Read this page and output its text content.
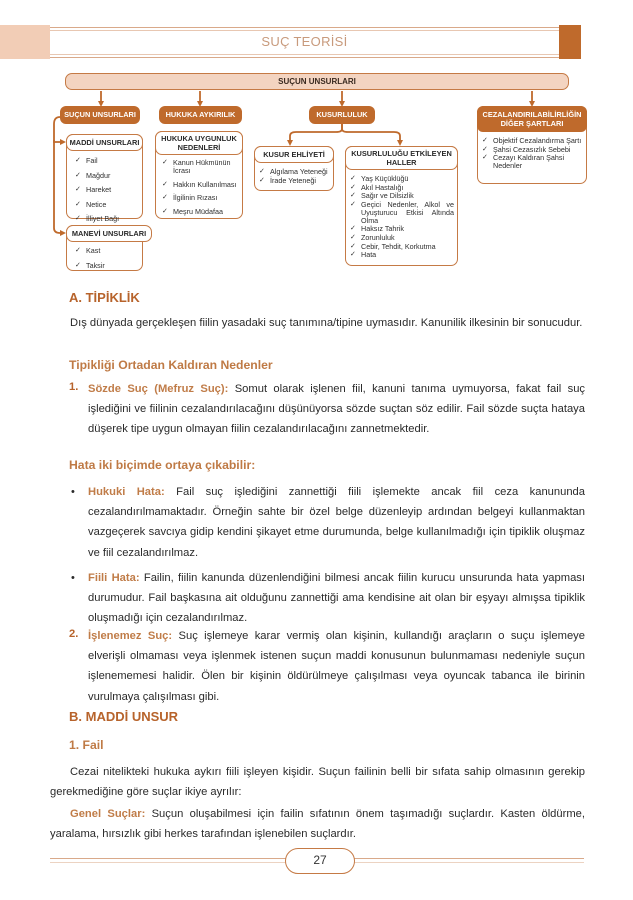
SUÇ TEORİSİ
SUÇUN UNSURLARI
SUÇUN UNSURLARI
MADDİ UNSURLARI
✓ Fail
✓ Mağdur
✓ Hareket
✓ Netice
✓ İlliyet Bağı
MANEVİ UNSURLARI
✓ Kast
✓ Taksir
HUKUKA AYKIRILIK
HUKUKA UYGUNLUK NEDENLERİ
✓ Kanun Hükmünün İcrası
✓ Hakkın Kullanılması
✓ İlgilinin Rızası
✓ Meşru Müdafaa
KUSURLULUK
KUSUR EHLİYETİ
✓ Algılama Yeteneği
✓ İrade Yeteneği
KUSURLULUĞU ETKİLEYEN HALLER
✓ Yaş Küçüklüğü
✓ Akıl Hastalığı
✓ Sağır ve Dilsizlik
✓ Geçici Nedenler, Alkol ve Uyuşturucu Etkisi Altında Olma
✓ Haksız Tahrik
✓ Zorunluluk
✓ Cebir, Tehdit, Korkutma
✓ Hata
CEZALANDIRILABİLİRLİĞİN DİĞER ŞARTLARI
✓ Objektif Cezalandırma Şartı
✓ Şahsi Cezasızlık Sebebi
✓ Cezayı Kaldıran Şahsi Nedenler
A. TİPİKLİK
Dış dünyada gerçekleşen fiilin yasadaki suç tanımına/tipine uymasıdır. Kanunilik ilkesinin bir sonucudur.
Tipikliği Ortadan Kaldıran Nedenler
1. Sözde Suç (Mefruz Suç): Somut olarak işlenen fiil, kanuni tanıma uymuyorsa, fakat fail suç işlediğini ve fiilinin cezalandırılacağını düşünüyorsa sözde suçtan söz edilir. Fail sözde suçta hataya düşerek tipe uygun olmayan fiilin cezalandırılacağını zannetmektedir.
Hata iki biçimde ortaya çıkabilir:
• Hukuki Hata: Fail suç işlediğini zannettiği fiili işlemekte ancak fiil ceza kanununda cezalandırılmamaktadır. Örneğin sahte bir özel belge düzenleyip ardından belgeyi kullanmaktan vazgeçerek savcıya gidip kendini şikayet etme durumunda, belge kullanılmadığı için tipiklik oluşmaz ve fiil cezalandırılmaz.
• Fiili Hata: Failin, fiilin kanunda düzenlendiğini bilmesi ancak fiilin kurucu unsurunda hata yapması durumudur. Fail başkasına ait olduğunu zannettiği ama kendisine ait olan bir eşyayı almışsa tipiklik oluşmadığı için cezalandırılmaz.
2. İşlenemez Suç: Suç işlemeye karar vermiş olan kişinin, kullandığı araçların o suçu işlemeye elverişli olmaması veya işlenmek istenen suçun maddi konusunun bulunmaması nedeniyle suçun işlenememesi halidir. Ölen bir kişinin öldürülmeye çalışılması veya oyuncak tabanca ile birinin vurulmaya çalışılması gibi.
B. MADDİ UNSUR
1. Fail
Cezai nitelikteki hukuka aykırı fiili işleyen kişidir. Suçun failinin belli bir sıfata sahip olmasının gerekip gerekmediğine göre suçlar ikiye ayrılır:
Genel Suçlar: Suçun oluşabilmesi için failin sıfatının önem taşımadığı suçlardır. Kasten öldürme, yaralama, hırsızlık gibi herkes tarafından işlenebilen suçlardır.
27
